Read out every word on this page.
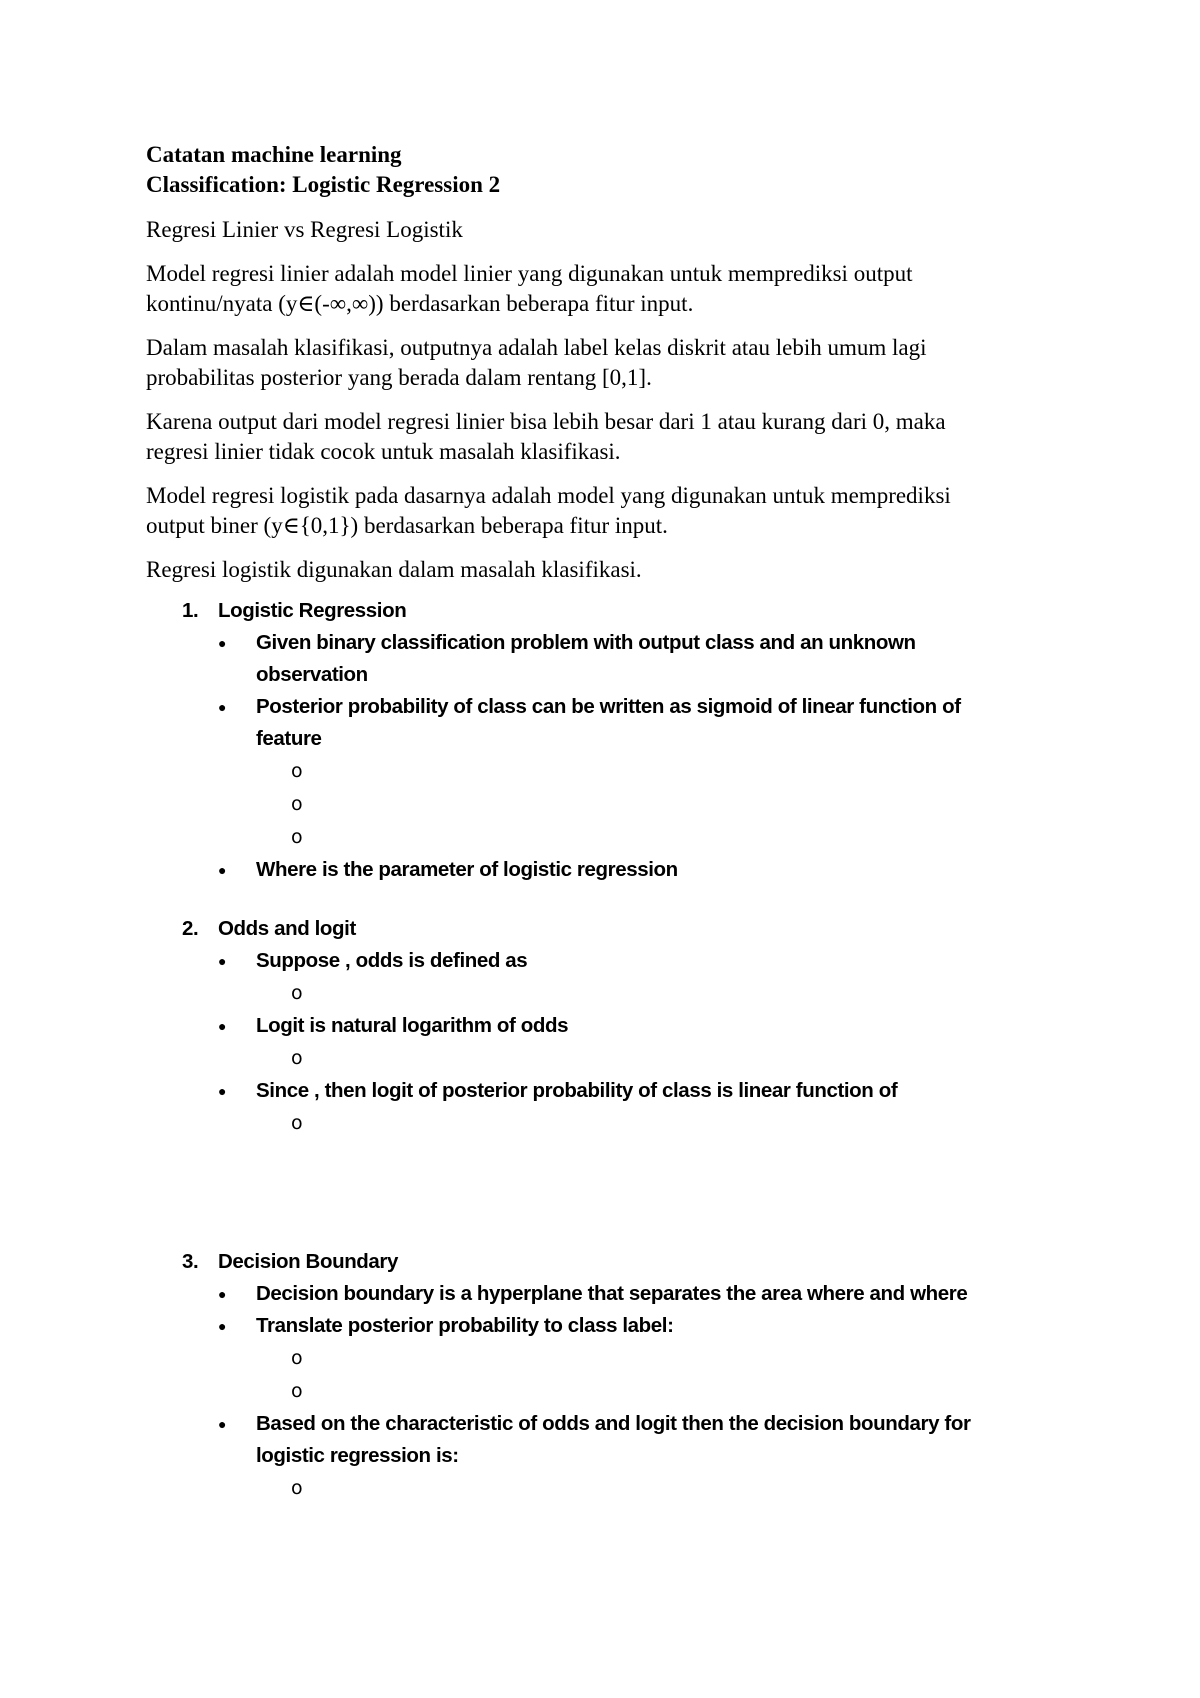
Catatan machine learning

Classification: Logistic Regression 2

Regresi Linier vs Regresi Logistik

Model regresi linier adalah model linier yang digunakan untuk memprediksi output

kontinu/nyata (y∈(-∞,∞)) berdasarkan beberapa fitur input.

Dalam masalah klasifikasi, outputnya adalah label kelas diskrit atau lebih umum lagi

probabilitas posterior yang berada dalam rentang [0,1].

Karena output dari model regresi linier bisa lebih besar dari 1 atau kurang dari 0, maka

regresi linier tidak cocok untuk masalah klasifikasi.

Model regresi logistik pada dasarnya adalah model yang digunakan untuk memprediksi

output biner (y∈{0,1}) berdasarkan beberapa fitur input.

Regresi logistik digunakan dalam masalah klasifikasi.

1. Logistic Regression
● Given binary classification problem with output class and an unknown
observation
● Posterior probability of class can be written as sigmoid of linear function of
feature
o
o
o
● Where is the parameter of logistic regression
2. Odds and logit
● Suppose , odds is defined as
o
● Logit is natural logarithm of odds
o
● Since , then logit of posterior probability of class is linear function of
o
3. Decision Boundary
● Decision boundary is a hyperplane that separates the area where and where
● Translate posterior probability to class label:
o
o
● Based on the characteristic of odds and logit then the decision boundary for
logistic regression is:
o
